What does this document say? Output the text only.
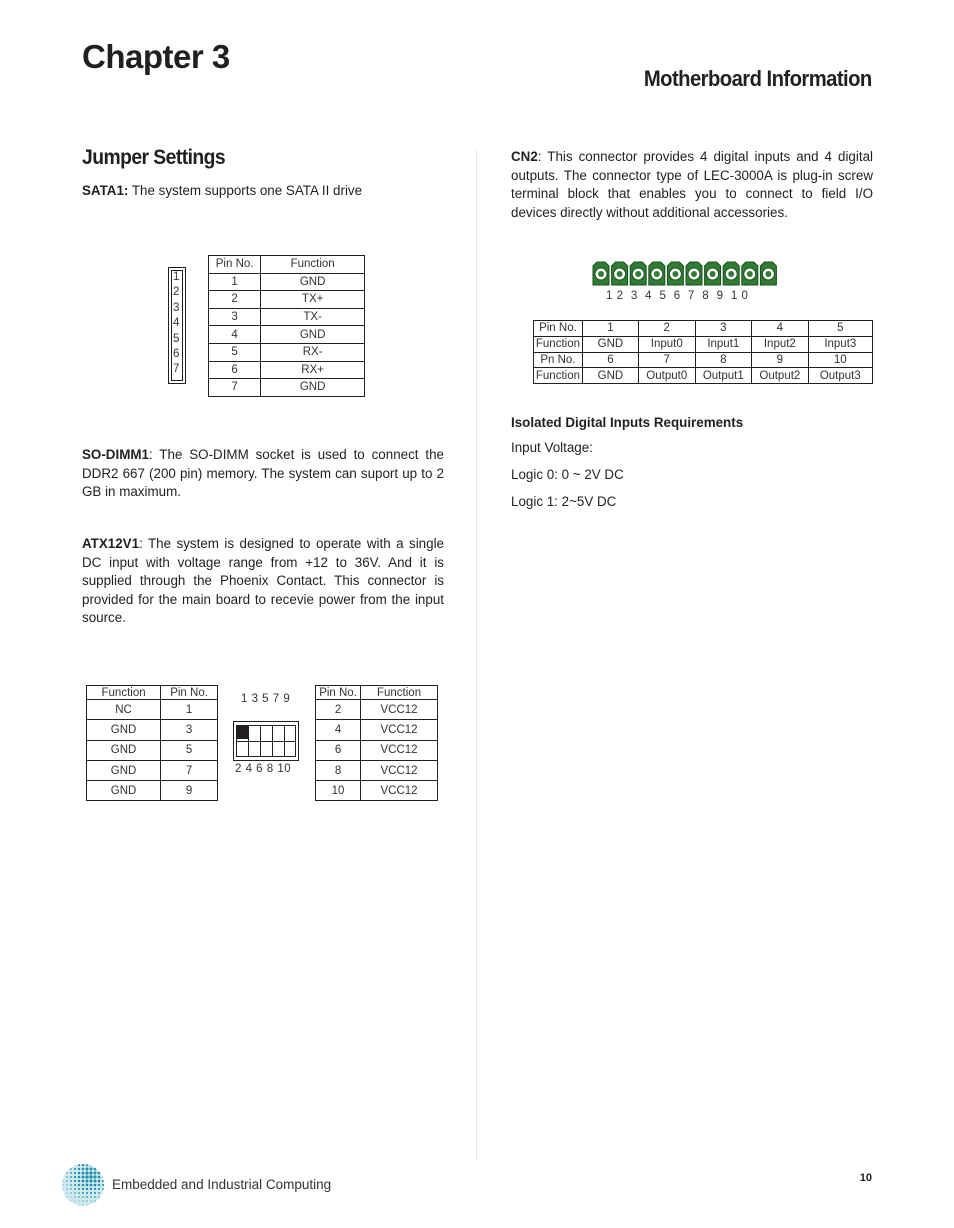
Chapter 3
Motherboard Information
Jumper Settings
SATA1: The system supports one SATA II drive
1
2
3
4
5
6
7
Pin No.	Function
1	GND
2	TX+
3	TX-
4	GND
5	RX-
6	RX+
7	GND
SO-DIMM1: The SO-DIMM socket is used to connect the DDR2 667 (200 pin) memory. The system can suport up to 2 GB in maximum.
ATX12V1: The system is designed to operate with a single DC input with voltage range from +12 to 36V. And it is supplied through the Phoenix Contact. This connector is provided for the main board to recevie power from the input source.
Function	Pin No.
NC	1
GND	3
GND	5
GND	7
GND	9
1 3 5 7 9
2 4 6 8 10
Pin No.	Function
2	VCC12
4	VCC12
6	VCC12
8	VCC12
10	VCC12
CN2: This connector provides 4 digital inputs and 4 digital outputs. The connector type of LEC-3000A is plug-in screw terminal block that enables you to connect to field I/O devices directly without additional accessories.
1 2  3  4  5  6  7  8  9  1 0
Pin No.	1	2	3	4	5
Function	GND	Input0	Input1	Input2	Input3
Pn No.	6	7	8	9	10
Function	GND	Output0	Output1	Output2	Output3
Isolated Digital Inputs Requirements
Input Voltage:
Logic 0: 0 ~ 2V DC
Logic 1: 2~5V DC
Embedded and Industrial Computing	10
